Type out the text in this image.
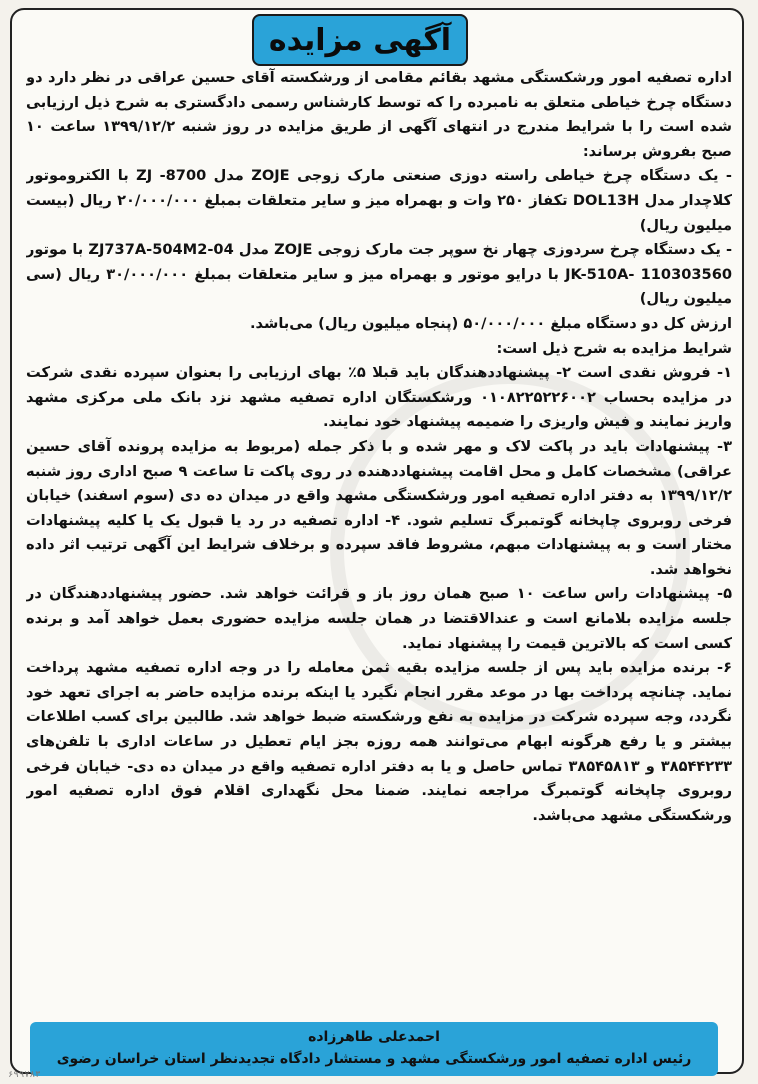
آگهی مزایده

اداره تصفیه امور ورشکستگی مشهد بقائم مقامی از ورشکسته آقای حسین عراقی در نظر دارد دو دستگاه چرخ خیاطی متعلق به نامبرده را که توسط کارشناس رسمی دادگستری به شرح ذیل ارزیابی شده است را با شرایط مندرج در انتهای آگهی از طریق مزایده در روز شنبه ۱۳۹۹/۱۲/۲ ساعت ۱۰ صبح بفروش برساند:

- یک دستگاه چرخ خیاطی راسته دوزی صنعتی مارک زوجی ZOJE مدل ZJ -8700 با الکتروموتور کلاچدار مدل DOL13H تکفاز ۲۵۰ وات و بهمراه میز و سایر متعلقات بمبلغ ۲۰/۰۰۰/۰۰۰ ریال (بیست میلیون ریال)

- یک دستگاه چرخ سردوزی چهار نخ سوپر جت مارک زوجی ZOJE مدل ZJ737A-504M2-04 با موتور JK-510A- 110303560 با درایو موتور و بهمراه میز و سایر متعلقات بمبلغ ۳۰/۰۰۰/۰۰۰ ریال (سی میلیون ریال)

ارزش کل دو دستگاه مبلغ ۵۰/۰۰۰/۰۰۰ (پنجاه میلیون ریال) می‌باشد.

شرایط مزایده به شرح ذیل است:

۱- فروش نقدی است ۲- پیشنهاددهندگان باید قبلا ۵٪ بهای ارزیابی را بعنوان سپرده نقدی شرکت در مزایده بحساب ۰۱۰۸۲۲۵۲۲۶۰۰۲ ورشکستگان اداره تصفیه مشهد نزد بانک ملی مرکزی مشهد واریز نمایند و فیش واریزی را ضمیمه پیشنهاد خود نمایند.

۳- پیشنهادات باید در پاکت لاک و مهر شده و با ذکر جمله (مربوط به مزایده پرونده آقای حسین عراقی) مشخصات کامل و محل اقامت پیشنهاددهنده در روی پاکت تا ساعت ۹ صبح اداری روز شنبه ۱۳۹۹/۱۲/۲ به دفتر اداره تصفیه امور ورشکستگی مشهد واقع در میدان ده دی (سوم اسفند) خیابان فرخی روبروی چاپخانه گوتمبرگ تسلیم شود. ۴- اداره تصفیه در رد یا قبول یک یا کلیه پیشنهادات مختار است و به پیشنهادات مبهم، مشروط فاقد سپرده و برخلاف شرایط این آگهی ترتیب اثر داده نخواهد شد.

۵- پیشنهادات راس ساعت ۱۰ صبح همان روز باز و قرائت خواهد شد. حضور پیشنهاددهندگان در جلسه مزایده بلامانع است و عندالاقتضا در همان جلسه مزایده حضوری بعمل خواهد آمد و برنده کسی است که بالاترین قیمت را پیشنهاد نماید.

۶- برنده مزایده باید پس از جلسه مزایده بقیه ثمن معامله را در وجه اداره تصفیه مشهد پرداخت نماید. چنانچه پرداخت بها در موعد مقرر انجام نگیرد یا اینکه برنده مزایده حاضر به اجرای تعهد خود نگردد، وجه سپرده شرکت در مزایده به نفع ورشکسته ضبط خواهد شد. طالبین برای کسب اطلاعات بیشتر و یا رفع هرگونه ابهام می‌توانند همه روزه بجز ایام تعطیل در ساعات اداری با تلفن‌های ۳۸۵۴۴۲۳۳ و ۳۸۵۴۵۸۱۳ تماس حاصل و یا به دفتر اداره تصفیه واقع در میدان ده دی- خیابان فرخی روبروی چاپخانه گوتمبرگ مراجعه نمایند. ضمنا محل نگهداری اقلام فوق اداره تصفیه امور ورشکستگی مشهد می‌باشد.

احمدعلی طاهرزاده
رئیس اداره تصفیه امور ورشکستگی مشهد و مستشار دادگاه تجدیدنظر استان خراسان رضوی
۶۹۹۷۸۳
